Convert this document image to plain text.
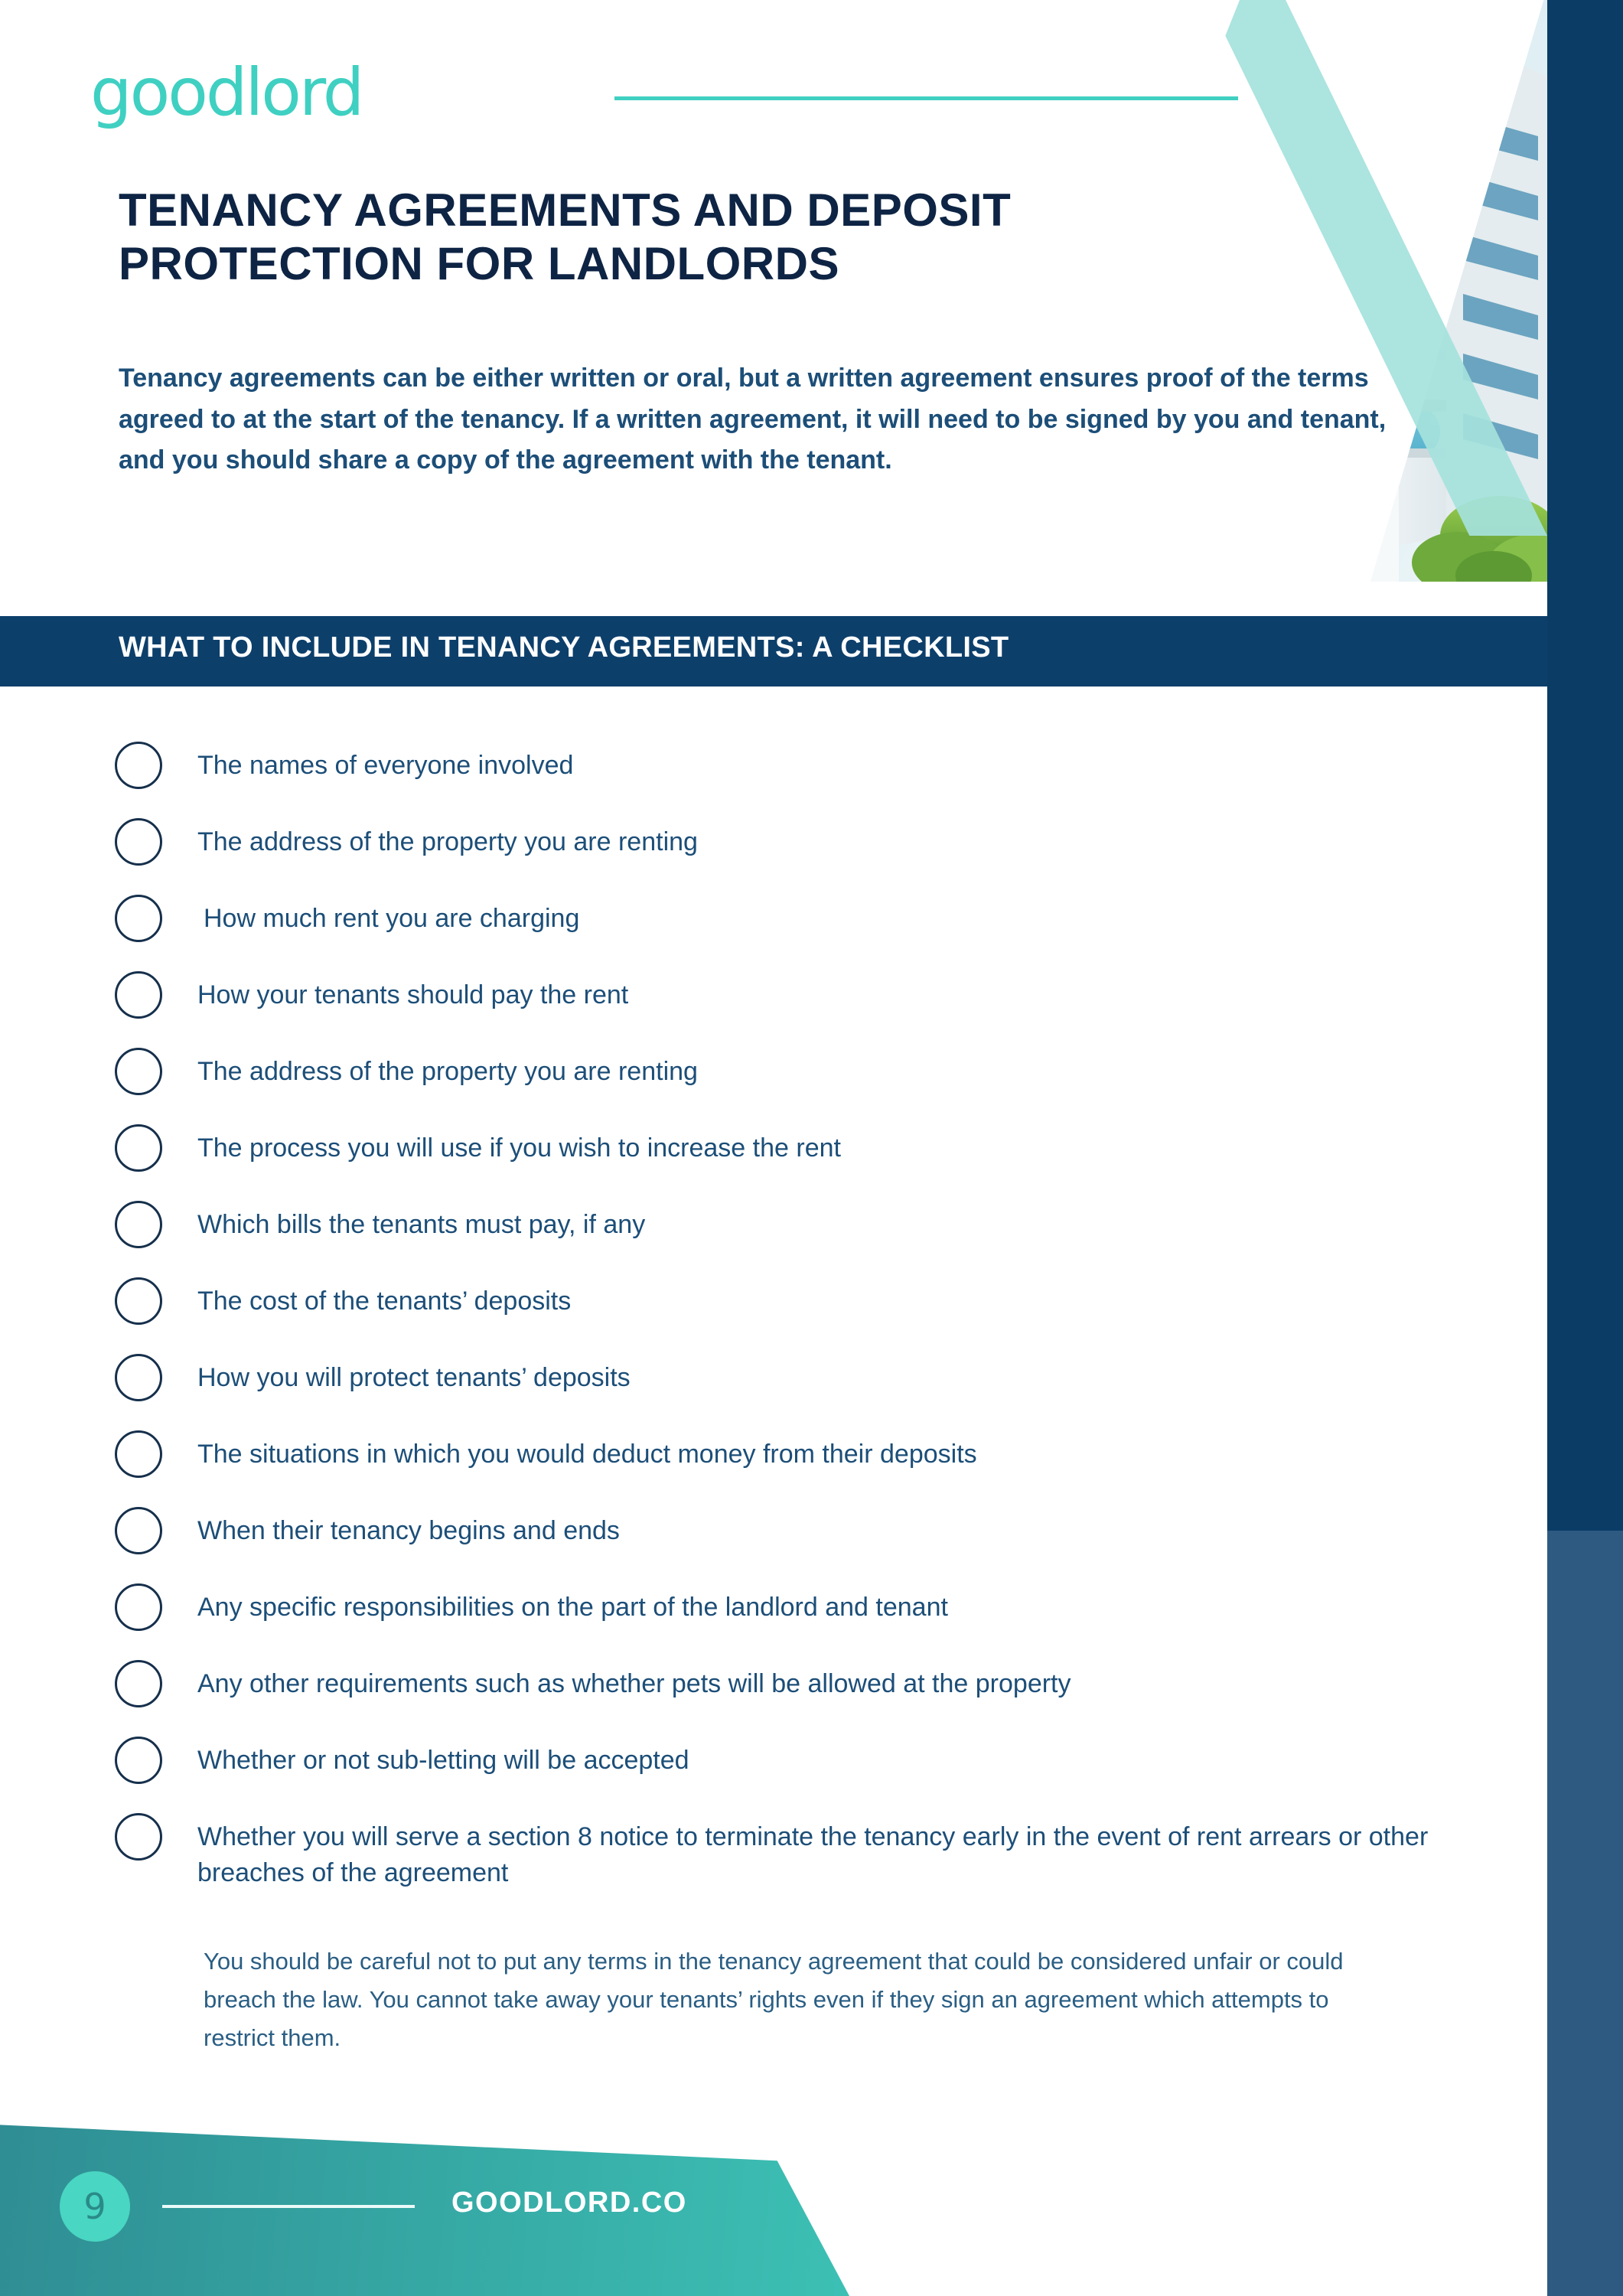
goodlord
TENANCY AGREEMENTS AND DEPOSIT PROTECTION FOR LANDLORDS

Tenancy agreements can be either written or oral, but a written agreement ensures proof of the terms agreed to at the start of the tenancy. If a written agreement, it will need to be signed by you and tenant, and you should share a copy of the agreement with the tenant.

WHAT TO INCLUDE IN TENANCY AGREEMENTS: A CHECKLIST
The names of everyone involved
The address of the property you are renting
How much rent you are charging
How your tenants should pay the rent
The address of the property you are renting
The process you will use if you wish to increase the rent
Which bills the tenants must pay, if any
The cost of the tenants’ deposits
How you will protect tenants’ deposits
The situations in which you would deduct money from their deposits
When their tenancy begins and ends
Any specific responsibilities on the part of the landlord and tenant
Any other requirements such as whether pets will be allowed at the property
Whether or not sub-letting will be accepted
Whether you will serve a section 8 notice to terminate the tenancy early in the event of rent arrears or other breaches of the agreement

You should be careful not to put any terms in the tenancy agreement that could be considered unfair or could breach the law. You cannot take away your tenants’ rights even if they sign an agreement which attempts to restrict them.

9	GOODLORD.CO
